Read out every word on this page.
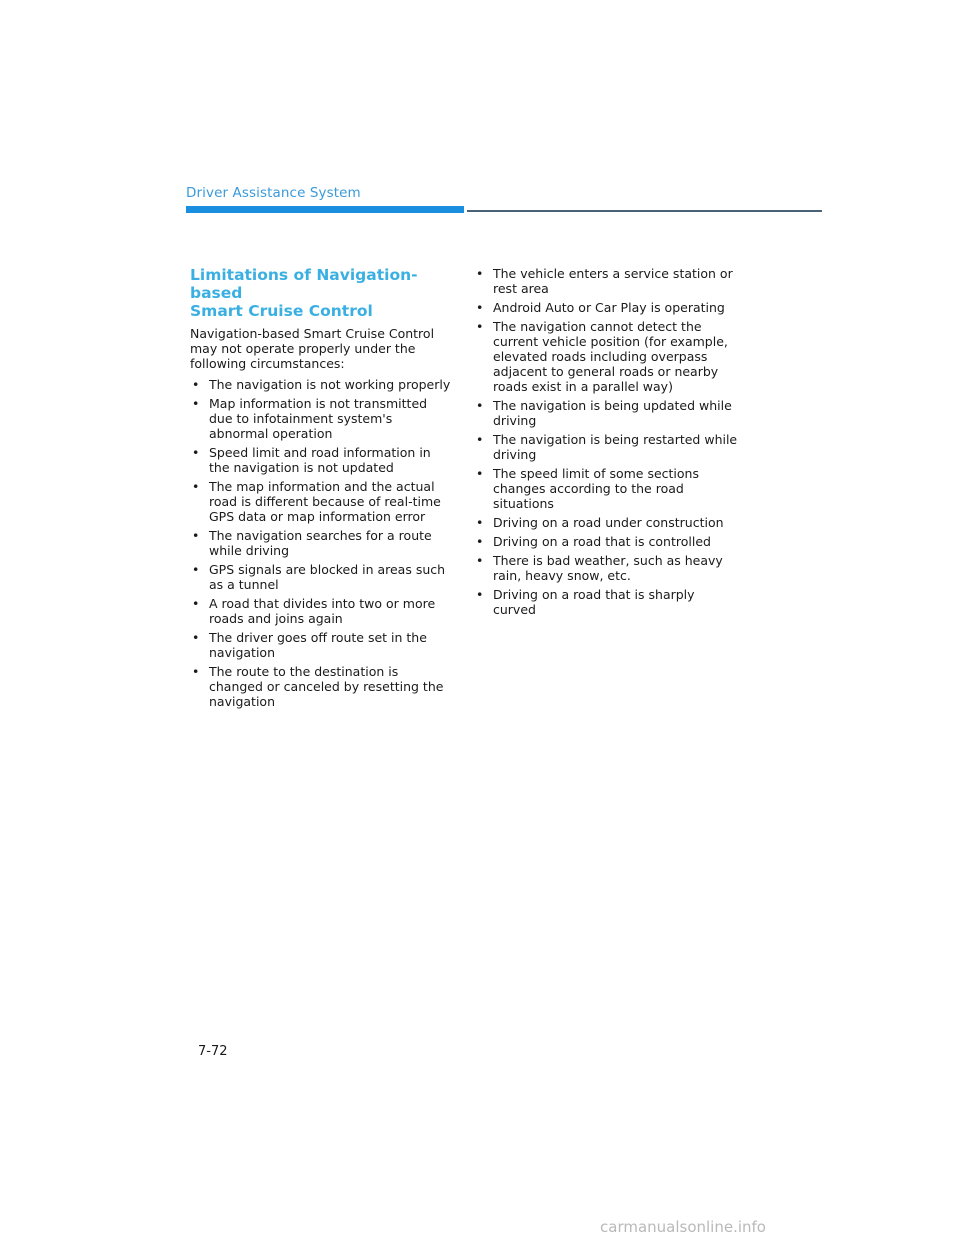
Driver Assistance System
Limitations of Navigation-based
Smart Cruise Control

Navigation-based Smart Cruise Control
may not operate properly under the
following circumstances:

• The navigation is not working properly
• Map information is not transmitted
due to infotainment system's
abnormal operation
• Speed limit and road information in
the navigation is not updated
• The map information and the actual
road is different because of real-time
GPS data or map information error
• The navigation searches for a route
while driving
• GPS signals are blocked in areas such
as a tunnel
• A road that divides into two or more
roads and joins again
• The driver goes off route set in the
navigation
• The route to the destination is
changed or canceled by resetting the
navigation
• The vehicle enters a service station or
rest area
• Android Auto or Car Play is operating
• The navigation cannot detect the
current vehicle position (for example,
elevated roads including overpass
adjacent to general roads or nearby
roads exist in a parallel way)
• The navigation is being updated while
driving
• The navigation is being restarted while
driving
• The speed limit of some sections
changes according to the road
situations
• Driving on a road under construction
• Driving on a road that is controlled
• There is bad weather, such as heavy
rain, heavy snow, etc.
• Driving on a road that is sharply
curved
7-72
carmanualsonline.info
